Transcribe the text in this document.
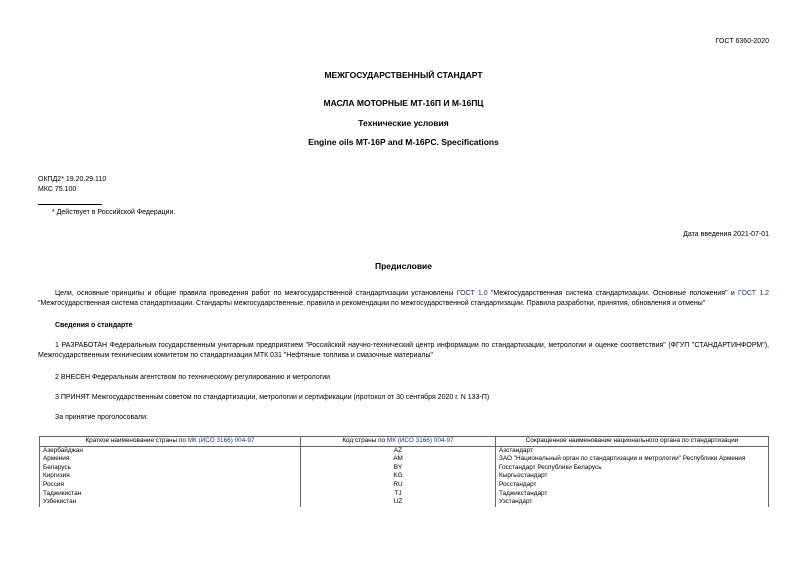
ГОСТ 6360-2020
МЕЖГОСУДАРСТВЕННЫЙ СТАНДАРТ
МАСЛА МОТОРНЫЕ МТ-16П И М-16ПЦ
Технические условия
Engine oils MT-16P and M-16PC. Specifications
ОКПД2* 19.20.29.110
МКС 75.100
* Действует в Российской Федерации.
Дата введения 2021-07-01
Предисловие
Цели, основные принципы и общие правила проведения работ по межгосударственной стандартизации установлены ГОСТ 1.0 "Межгосударственная система стандартизации. Основные положения" и ГОСТ 1.2 "Межгосударственная система стандартизации. Стандарты межгосударственные, правила и рекомендации по межгосударственной стандартизации. Правила разработки, принятия, обновления и отмены"
Сведения о стандарте
1 РАЗРАБОТАН Федеральным государственным унитарным предприятием "Российский научно-технический центр информации по стандартизации, метрологии и оценке соответствия" (ФГУП "СТАНДАРТИНФОРМ"), Межгосударственным техническим комитетом по стандартизации МТК 031 "Нефтяные топлива и смазочные материалы"
2 ВНЕСЕН Федеральным агентством по техническому регулированию и метрологии
3 ПРИНЯТ Межгосударственным советом по стандартизации, метрологии и сертификации (протокол от 30 сентября 2020 г. N 133-П)
За принятие проголосовали:
Краткое наименование страны по МК (ИСО 3166) 004-97	Код страны по МК (ИСО 3166) 004-97	Сокращенное наименование национального органа по стандартизации
Азербайджан	AZ	Азстандарт
Армения	AM	ЗАО "Национальный орган по стандартизации и метрологии" Республики Армения
Беларусь	BY	Госстандарт Республики Беларусь
Киргизия	KG	Кыргызстандарт
Россия	RU	Росстандарт
Таджикистан	TJ	Таджикстандарт
Узбекистан	UZ	Узстандарт
